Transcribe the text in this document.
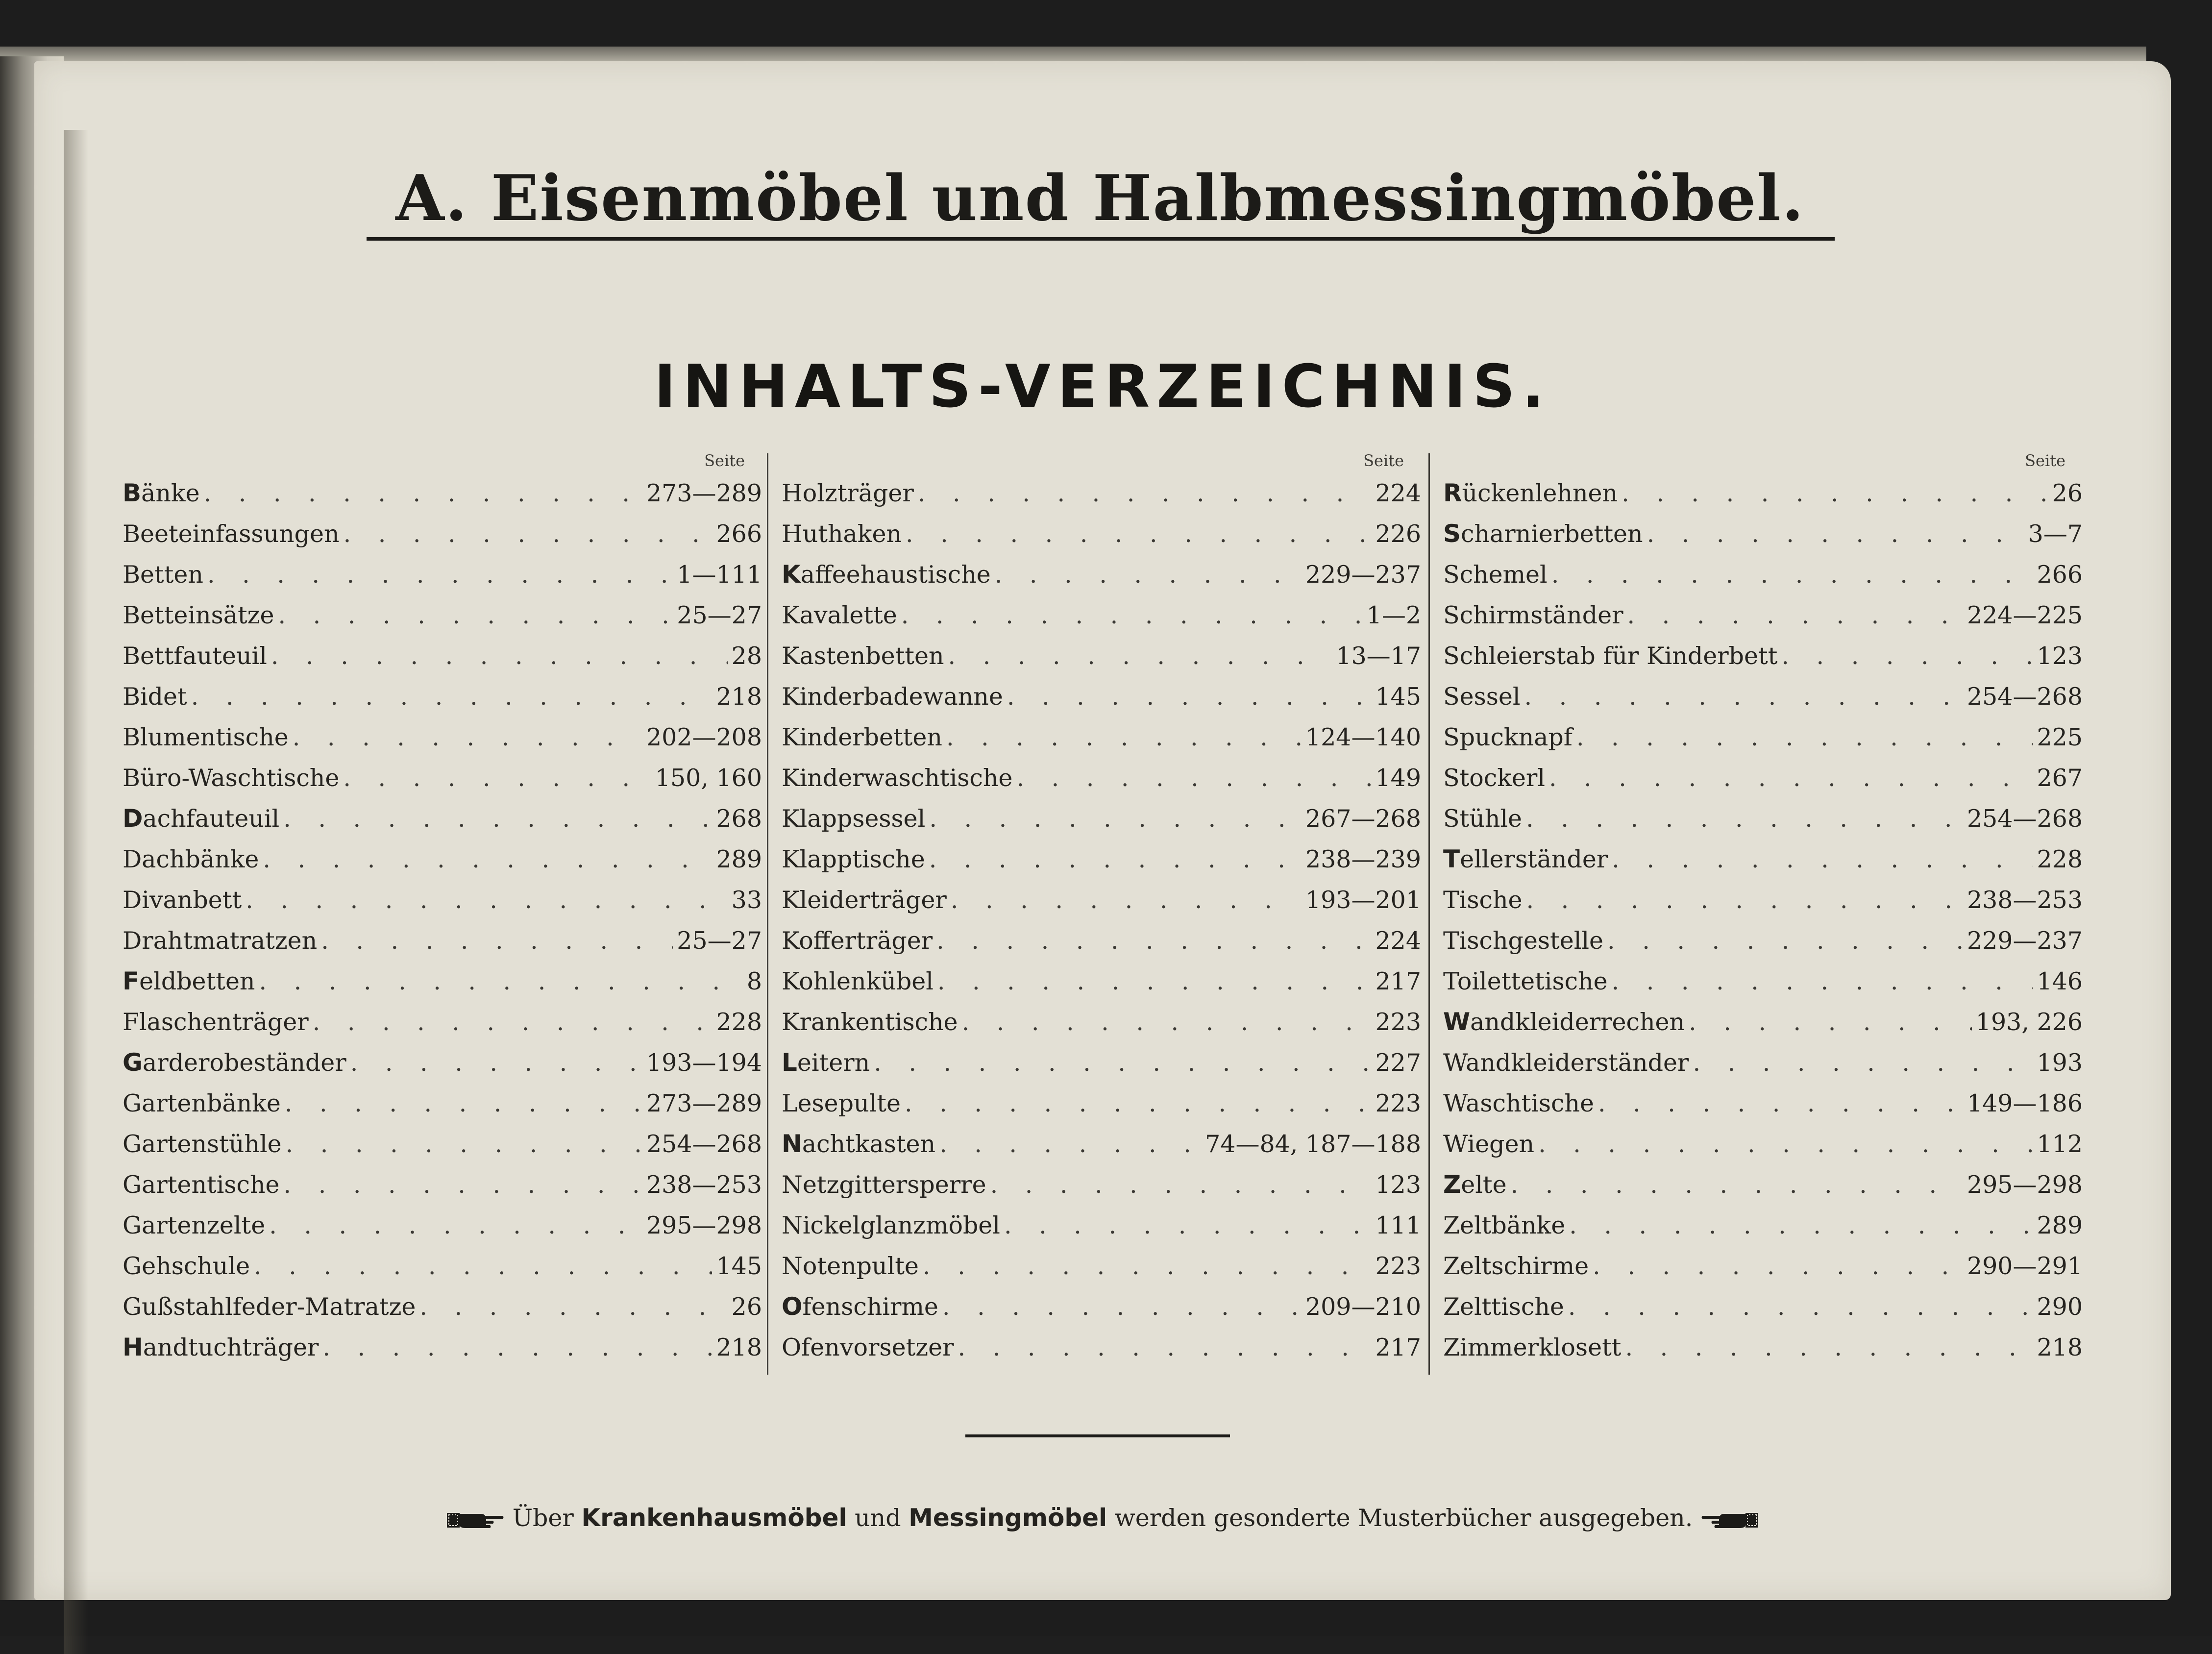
A. Eisenmöbel und Halbmessingmöbel.
INHALTS-VERZEICHNIS.
Seite
Bänke . . .	273—289
Beeteinfassungen . . .	266
Betten . . .	1—111
Betteinsätze . . .	25—27
Bettfauteuil . . .	28
Bidet . . .	218
Blumentische . . .	202—208
Büro-Waschtische . . .	150, 160
Dachfauteuil . . .	268
Dachbänke . . .	289
Divanbett . . .	33
Drahtmatratzen . . .	25—27
Feldbetten . . .	8
Flaschenträger . . .	228
Garderobeständer . . .	193—194
Gartenbänke . . .	273—289
Gartenstühle . . .	254—268
Gartentische . . .	238—253
Gartenzelte . . .	295—298
Gehschule . . .	145
Gußstahlfeder-Matratze . . .	26
Handtuchträger . . .	218
Seite
Holzträger . . .	224
Huthaken . . .	226
Kaffeehaustische . . .	229—237
Kavalette . . .	1—2
Kastenbetten . . .	13—17
Kinderbadewanne . . .	145
Kinderbetten . . .	124—140
Kinderwaschtische . . .	149
Klappsessel . . .	267—268
Klapptische . . .	238—239
Kleiderträger . . .	193—201
Kofferträger . . .	224
Kohlenkübel . . .	217
Krankentische . . .	223
Leitern . . .	227
Lesepulte . . .	223
Nachtkasten . . .	74—84, 187—188
Netzgittersperre . . .	123
Nickelglanzmöbel . . .	111
Notenpulte . . .	223
Ofenschirme . . .	209—210
Ofenvorsetzer . . .	217
Seite
Rückenlehnen . . .	26
Scharnierbetten . . .	3—7
Schemel . . .	266
Schirmständer . . .	224—225
Schleierstab für Kinderbett . . .	123
Sessel . . .	254—268
Spucknapf . . .	225
Stockerl . . .	267
Stühle . . .	254—268
Tellerständer . . .	228
Tische . . .	238—253
Tischgestelle . . .	229—237
Toilettetische . . .	146
Wandkleiderrechen . . .	193, 226
Wandkleiderständer . . .	193
Waschtische . . .	149—186
Wiegen . . .	112
Zelte . . .	295—298
Zeltbänke . . .	289
Zeltschirme . . .	290—291
Zelttische . . .	290
Zimmerklosett . . .	218
Über Krankenhausmöbel und Messingmöbel werden gesonderte Musterbücher ausgegeben.
